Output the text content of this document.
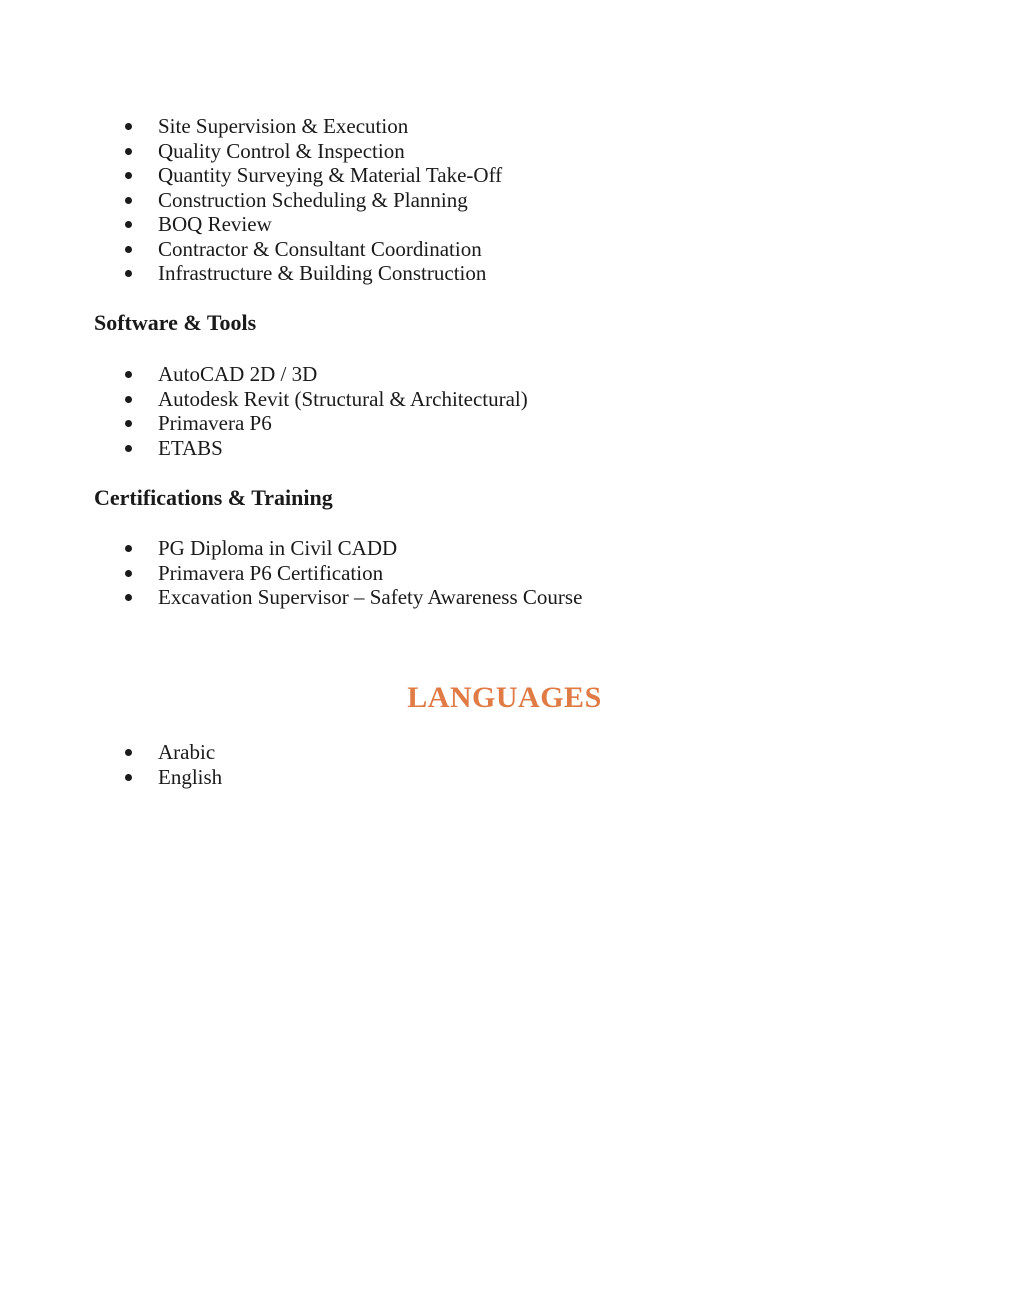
Site Supervision & Execution
Quality Control & Inspection
Quantity Surveying & Material Take-Off
Construction Scheduling & Planning
BOQ Review
Contractor & Consultant Coordination
Infrastructure & Building Construction
Software & Tools
AutoCAD 2D / 3D
Autodesk Revit (Structural & Architectural)
Primavera P6
ETABS
Certifications & Training
PG Diploma in Civil CADD
Primavera P6 Certification
Excavation Supervisor – Safety Awareness Course
LANGUAGES
Arabic
English
